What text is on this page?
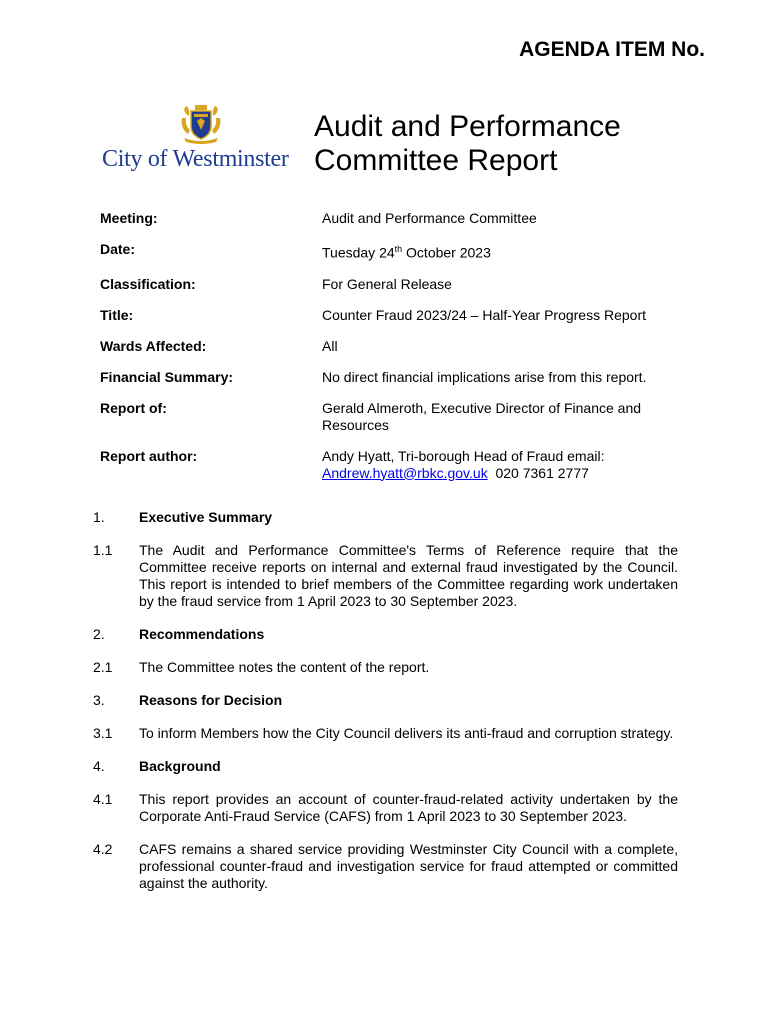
AGENDA ITEM No.
City of Westminster
Audit and Performance
Committee Report
Meeting:	Audit and Performance Committee
Date:	Tuesday 24th October 2023
Classification:	For General Release
Title:	Counter Fraud 2023/24 – Half-Year Progress Report
Wards Affected:	All
Financial Summary:	No direct financial implications arise from this report.
Report of:	Gerald Almeroth, Executive Director of Finance and Resources
Report author:	Andy Hyatt, Tri-borough Head of Fraud email:
Andrew.hyatt@rbkc.gov.uk 020 7361 2777
1.	Executive Summary
1.1	The Audit and Performance Committee's Terms of Reference require that the Committee receive reports on internal and external fraud investigated by the Council. This report is intended to brief members of the Committee regarding work undertaken by the fraud service from 1 April 2023 to 30 September 2023.
2.	Recommendations
2.1	The Committee notes the content of the report.
3.	Reasons for Decision
3.1	To inform Members how the City Council delivers its anti-fraud and corruption strategy.
4.	Background
4.1	This report provides an account of counter-fraud-related activity undertaken by the Corporate Anti-Fraud Service (CAFS) from 1 April 2023 to 30 September 2023.
4.2	CAFS remains a shared service providing Westminster City Council with a complete, professional counter-fraud and investigation service for fraud attempted or committed against the authority.
